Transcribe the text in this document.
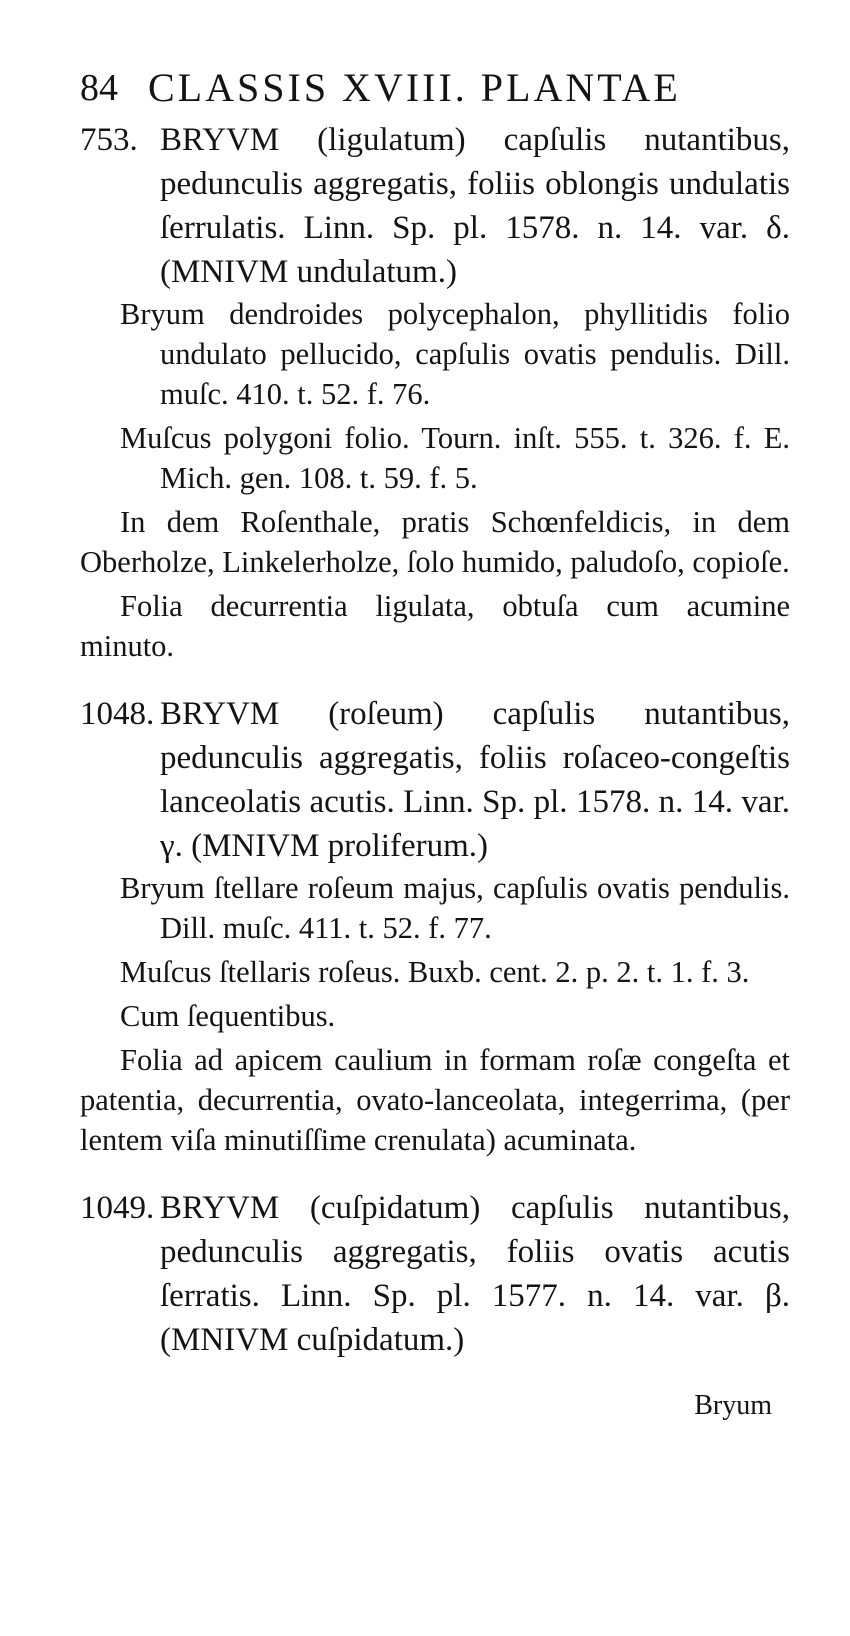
84 CLASSIS XVIII. PLANTAE
753. BRYVM (ligulatum) capſulis nutantibus, pedunculis aggregatis, foliis oblongis undulatis ſerrulatis. Linn. Sp. pl. 1578. n. 14. var. δ. (MNIVM undulatum.)

Bryum dendroides polycephalon, phyllitidis folio undulato pellucido, capſulis ovatis pendulis. Dill. muſc. 410. t. 52. f. 76.

Muſcus polygoni folio. Tourn. inſt. 555. t. 326. f. E. Mich. gen. 108. t. 59. f. 5.

In dem Roſenthale, pratis Schœnfeldicis, in dem Oberholze, Linkelerholze, ſolo humido, paludoſo, copioſe.

Folia decurrentia ligulata, obtuſa cum acumine minuto.

1048. BRYVM (roſeum) capſulis nutantibus, pedunculis aggregatis, foliis roſaceo-congeſtis lanceolatis acutis. Linn. Sp. pl. 1578. n. 14. var. γ. (MNIVM proliferum.)

Bryum ſtellare roſeum majus, capſulis ovatis pendulis. Dill. muſc. 411. t. 52. f. 77.

Muſcus ſtellaris roſeus. Buxb. cent. 2. p. 2. t. 1. f. 3.

Cum ſequentibus.

Folia ad apicem caulium in formam roſæ congeſta et patentia, decurrentia, ovato-lanceolata, integerrima, (per lentem viſa minutiſſime crenulata) acuminata.

1049. BRYVM (cuſpidatum) capſulis nutantibus, pedunculis aggregatis, foliis ovatis acutis ſerratis. Linn. Sp. pl. 1577. n. 14. var. β. (MNIVM cuſpidatum.)

Bryum
